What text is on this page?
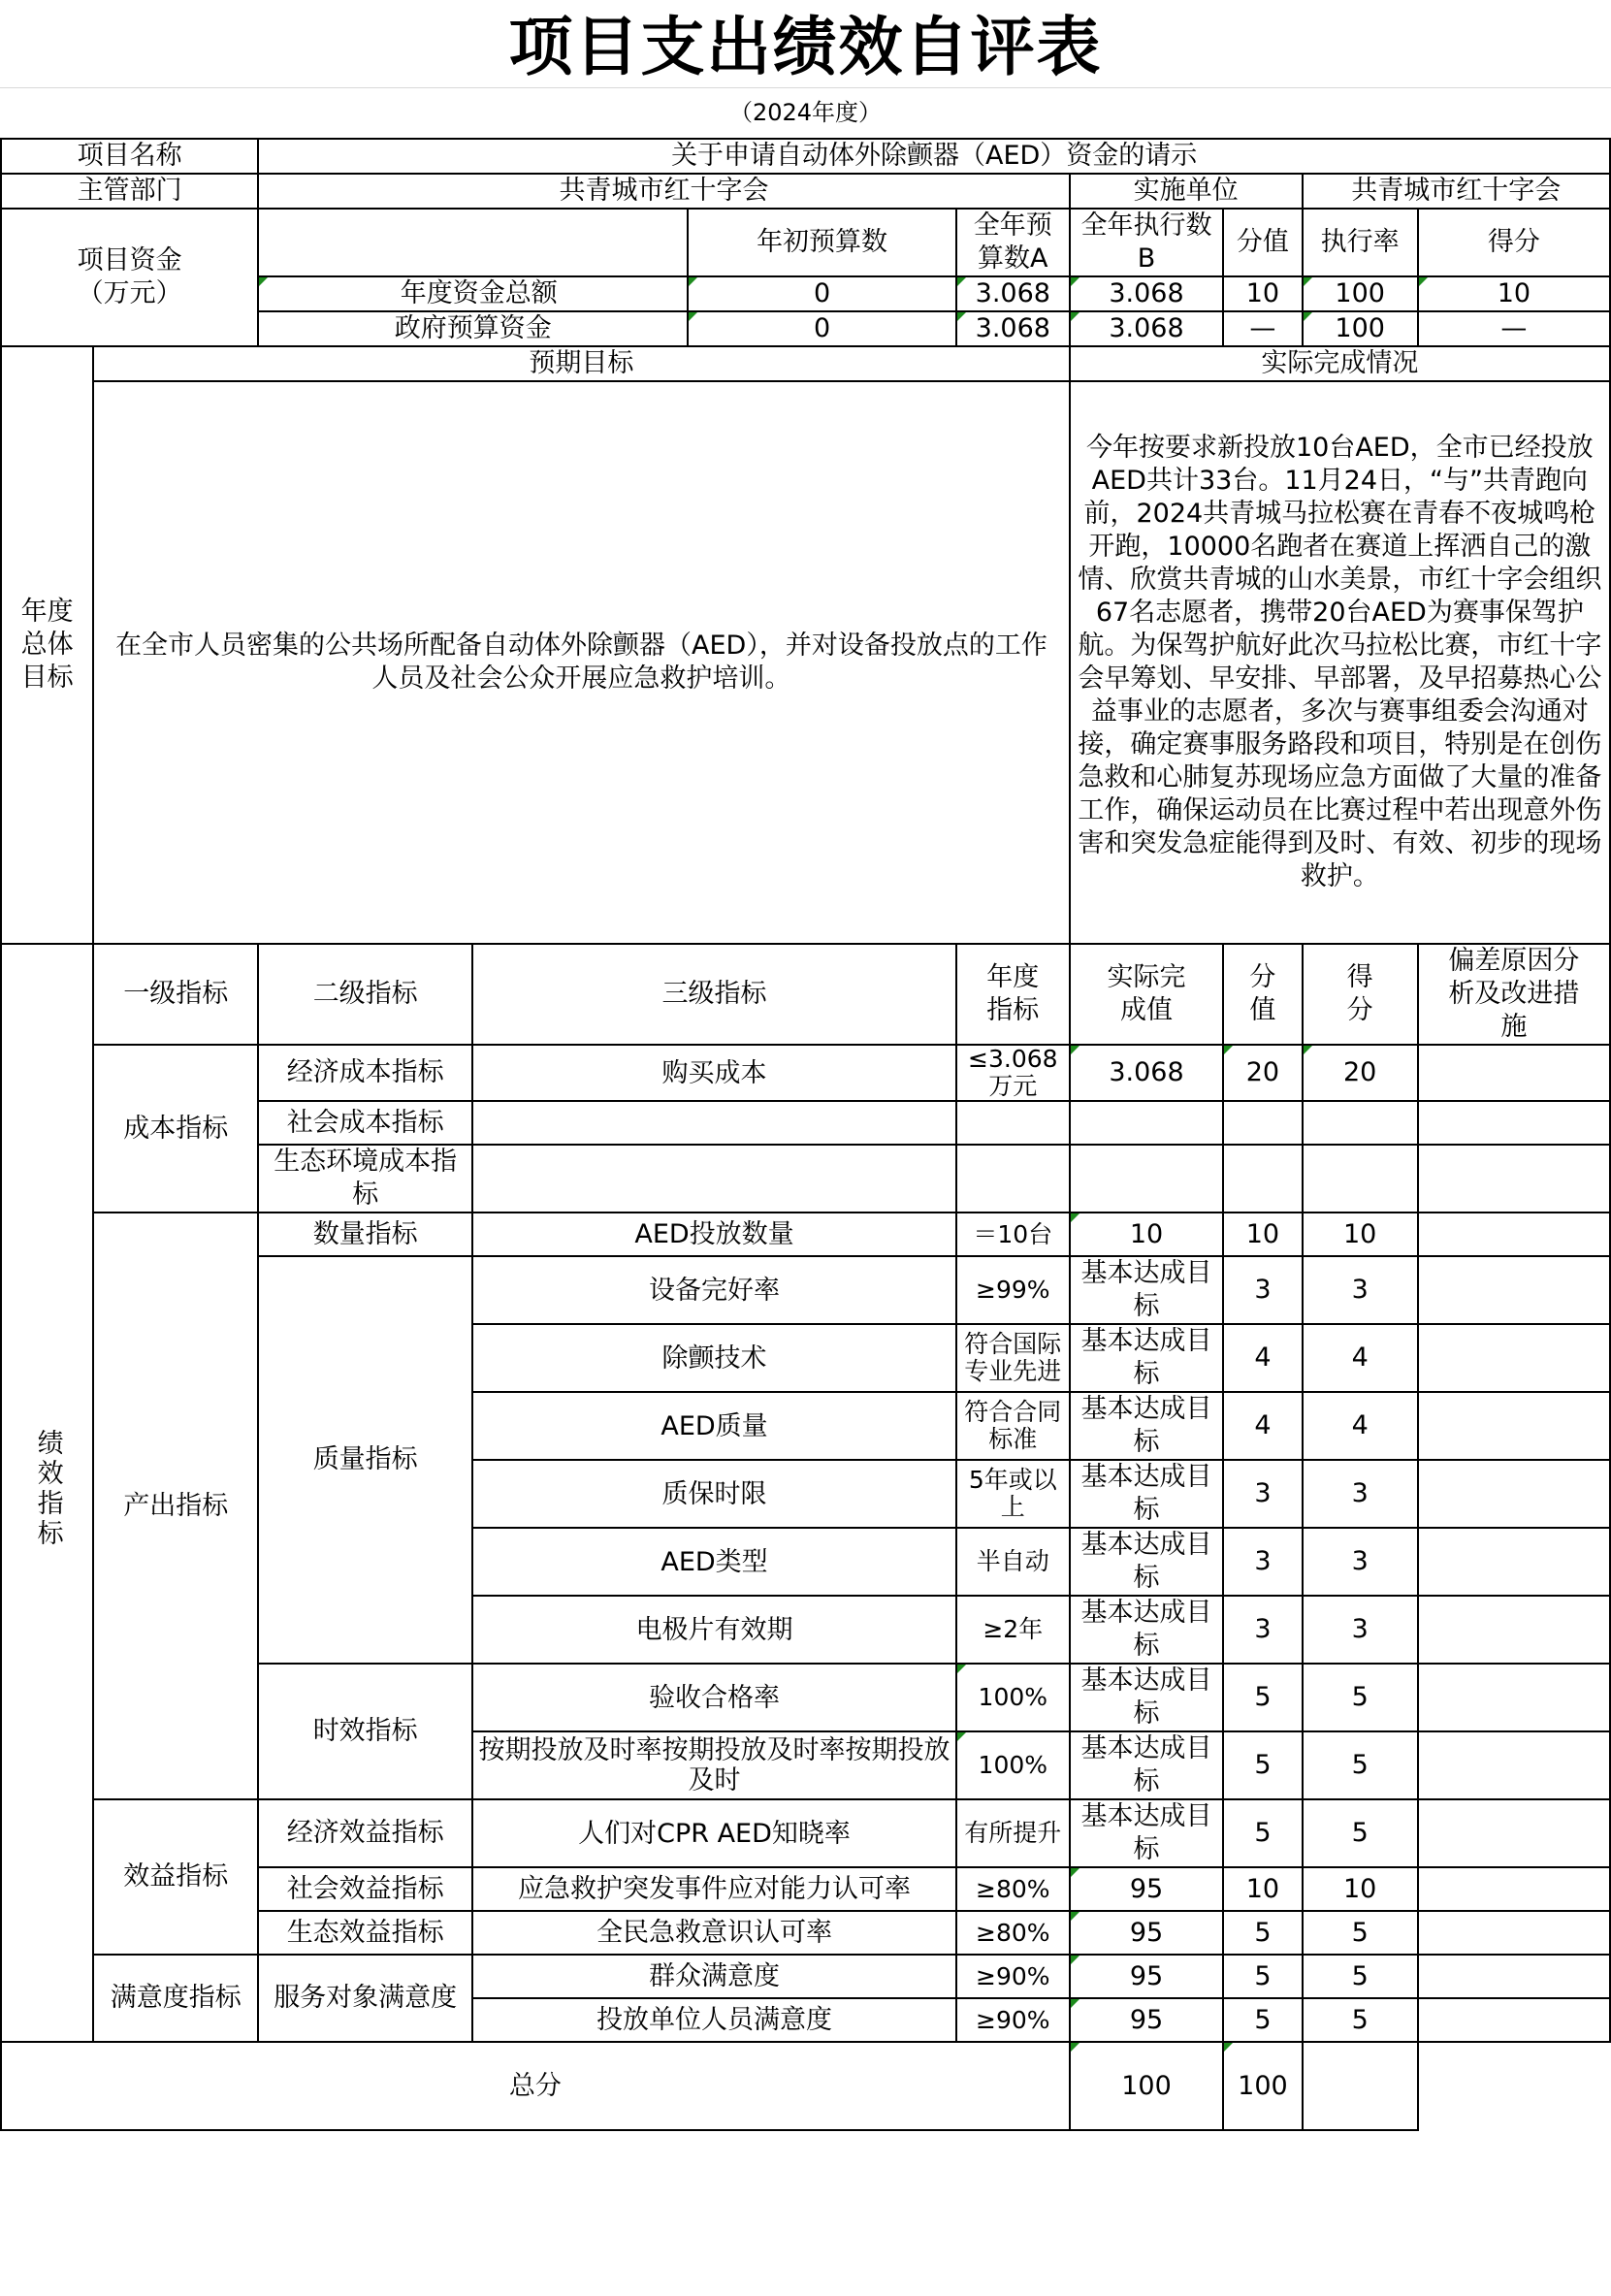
项目支出绩效自评表
（2024年度）
项目名称		关于申请自动体外除颤器（AED）资金的请示							
主管部门		共青城市红十字会				实施单位		共青城市红十字会	
项目资金（万元）				年初预算数	全年预算数A	全年执行数B	分值	执行率	得分
		年度资金总额		0	3.068	3.068	10	100	10
		政府预算资金		0	3.068	3.068	—	100	—
年度总体目标	预期目标					实际完成情况			
	在全市人员密集的公共场所配备自动体外除颤器（AED），并对设备投放点的工作人员及社会公众开展应急救护培训。					今年按要求新投放10台AED，全市已经投放AED共计33台。11月24日，“与”共青跑向前，2024共青城马拉松赛在青春不夜城鸣枪开跑，10000名跑者在赛道上挥洒自己的激情、欣赏共青城的山水美景，市红十字会组织67名志愿者，携带20台AED为赛事保驾护航。为保驾护航好此次马拉松比赛，市红十字会早筹划、早安排、早部署，及早招募热心公益事业的志愿者，多次与赛事组委会沟通对接，确定赛事服务路段和项目，特别是在创伤急救和心肺复苏现场应急方面做了大量的准备工作，确保运动员在比赛过程中若出现意外伤害和突发急症能得到及时、有效、初步的现场救护。			
绩效指标	一级指标	二级指标	三级指标		年度指标	实际完成值	分值	得分	偏差原因分析及改进措施
	成本指标	经济成本指标	购买成本		≤3.068万元	3.068	20	20	
		社会成本指标		

		生态环境成本指标		

	产出指标	数量指标	AED投放数量		＝10台	10	10	10	
		质量指标	设备完好率		≥99%	基本达成目标	3	3	

			除颤技术		符合国际专业先进	基本达成目标	4	4	

			AED质量		符合合同标准	基本达成目标	4	4	

			质保时限		5年或以上	基本达成目标	3	3	

			AED类型		半自动	基本达成目标	3	3	

			电极片有效期		≥2年	基本达成目标	3	3	
		时效指标	验收合格率		100%	基本达成目标	5	5	

			按期投放及时率按期投放及时率按期投放及时		100%	基本达成目标	5	5	
	效益指标	经济效益指标	人们对CPR AED知晓率		有所提升	基本达成目标	5	5	
		社会效益指标	应急救护突发事件应对能力认可率		≥80%	95	10	10	
		生态效益指标	全民急救意识认可率		≥80%	95	5	5	
	满意度指标	服务对象满意度	群众满意度		≥90%	95	5	5	

			投放单位人员满意度		≥90%	95	5	5	
总分						100	100		
